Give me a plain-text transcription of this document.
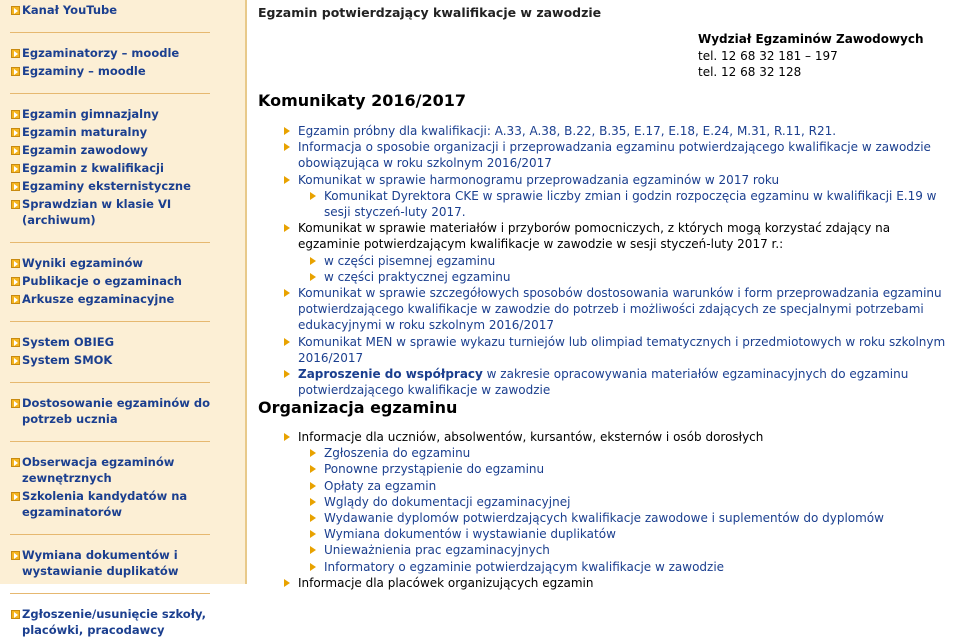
Kanał YouTube
Egzaminatorzy – moodle
Egzaminy – moodle
Egzamin gimnazjalny
Egzamin maturalny
Egzamin zawodowy
Egzamin z kwalifikacji
Egzaminy eksternistyczne
Sprawdzian w klasie VI (archiwum)
Wyniki egzaminów
Publikacje o egzaminach
Arkusze egzaminacyjne
System OBIEG
System SMOK
Dostosowanie egzaminów do potrzeb ucznia
Obserwacja egzaminów zewnętrznych
Szkolenia kandydatów na egzaminatorów
Wymiana dokumentów i wystawianie duplikatów
Zgłoszenie/usunięcie szkoły, placówki, pracodawcy
Egzamin potwierdzający kwalifikacje w zawodzie
Wydział Egzaminów Zawodowych
tel. 12 68 32 181 – 197
tel. 12 68 32 128
Komunikaty 2016/2017
Egzamin próbny dla kwalifikacji: A.33, A.38, B.22, B.35, E.17, E.18, E.24, M.31, R.11, R21.
Informacja o sposobie organizacji i przeprowadzania egzaminu potwierdzającego kwalifikacje w zawodzie obowiązująca w roku szkolnym 2016/2017
Komunikat w sprawie harmonogramu przeprowadzania egzaminów w 2017 roku
Komunikat Dyrektora CKE w sprawie liczby zmian i godzin rozpoczęcia egzaminu w kwalifikacji E.19 w sesji styczeń-luty 2017.
Komunikat w sprawie materiałów i przyborów pomocniczych, z których mogą korzystać zdający na egzaminie potwierdzającym kwalifikacje w zawodzie w sesji styczeń-luty 2017 r.:
w części pisemnej egzaminu
w części praktycznej egzaminu
Komunikat w sprawie szczegółowych sposobów dostosowania warunków i form przeprowadzania egzaminu potwierdzającego kwalifikacje w zawodzie do potrzeb i możliwości zdających ze specjalnymi potrzebami edukacyjnymi w roku szkolnym 2016/2017
Komunikat MEN w sprawie wykazu turniejów lub olimpiad tematycznych i przedmiotowych w roku szkolnym 2016/2017
Zaproszenie do współpracy w zakresie opracowywania materiałów egzaminacyjnych do egzaminu potwierdzającego kwalifikacje w zawodzie
Organizacja egzaminu
Informacje dla uczniów, absolwentów, kursantów, eksternów i osób dorosłych
Zgłoszenia do egzaminu
Ponowne przystąpienie do egzaminu
Opłaty za egzamin
Wglądy do dokumentacji egzaminacyjnej
Wydawanie dyplomów potwierdzających kwalifikacje zawodowe i suplementów do dyplomów
Wymiana dokumentów i wystawianie duplikatów
Unieważnienia prac egzaminacyjnych
Informatory o egzaminie potwierdzającym kwalifikacje w zawodzie
Informacje dla placówek organizujących egzamin
